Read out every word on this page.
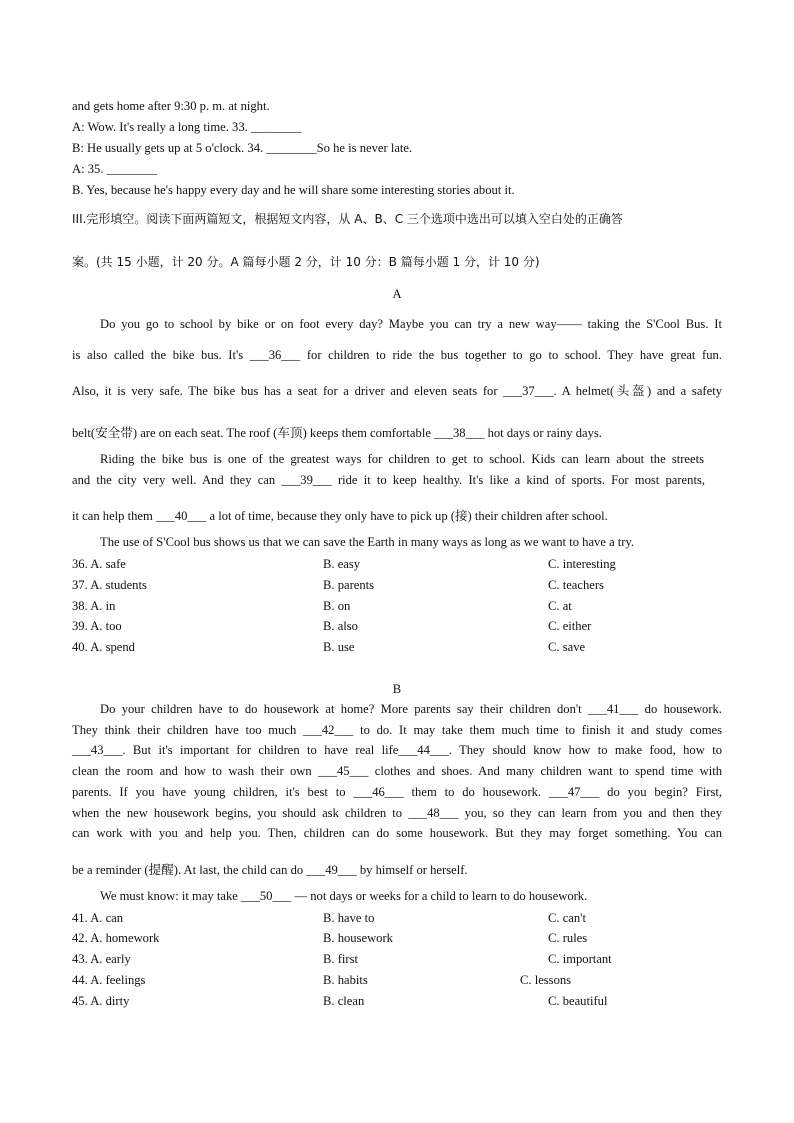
and gets home after 9:30 p. m. at night.
A: Wow. It's really a long time. 33. ________
B: He usually gets up at 5 o'clock. 34. ________So he is never late.
A: 35. ________
B. Yes, because he's happy every day and he will share some interesting stories about it.
III.完形填空。阅读下面两篇短文，根据短文内容，从 A、B、C 三个选项中选出可以填入空白处的正确答
案。(共 15 小题，计 20 分。A 篇每小题 2 分，计 10 分：B 篇每小题 1 分，计 10 分)
A
Do you go to school by bike or on foot every day? Maybe you can try a new way—— taking the S'Cool Bus. It
is also called the bike bus. It's ___36___ for children to ride the bus together to go to school. They have great fun.
Also, it is very safe. The bike bus has a seat for a driver and eleven seats for ___37___. A helmet(头盔) and a safety
belt(安全带) are on each seat. The roof (车顶) keeps them comfortable ___38___ hot days or rainy days.
Riding the bike bus is one of the greatest ways for children to get to school. Kids can learn about the streets
and the city very well. And they can ___39___ ride it to keep healthy. It's like a kind of sports. For most parents,
it can help them ___40___ a lot of time, because they only have to pick up (接) their children after school.
The use of S'Cool bus shows us that we can save the Earth in many ways as long as we want to have a try.
36. A. safe	B. easy	C. interesting
37. A. students	B. parents	C. teachers
38. A. in	B. on	C. at
39. A. too	B. also	C. either
40. A. spend	B. use	C. save
B
Do your children have to do housework at home? More parents say their children don't ___41___ do housework.
They think their children have too much ___42___ to do. It may take them much time to finish it and study comes
___43___. But it's important for children to have real life___44___. They should know how to make food, how to
clean the room and how to wash their own ___45___ clothes and shoes. And many children want to spend time with
parents. If you have young children, it's best to ___46___ them to do housework. ___47___ do you begin? First,
when the new housework begins, you should ask children to ___48___ you, so they can learn from you and then they
can work with you and help you. Then, children can do some housework. But they may forget something. You can
be a reminder (提醒). At last, the child can do ___49___ by himself or herself.
We must know: it may take ___50___ — not days or weeks for a child to learn to do housework.
41. A. can	B. have to	C. can't
42. A. homework	B. housework	C. rules
43. A. early	B. first	C. important
44. A. feelings	B. habits	C. lessons
45. A. dirty	B. clean	C. beautiful
